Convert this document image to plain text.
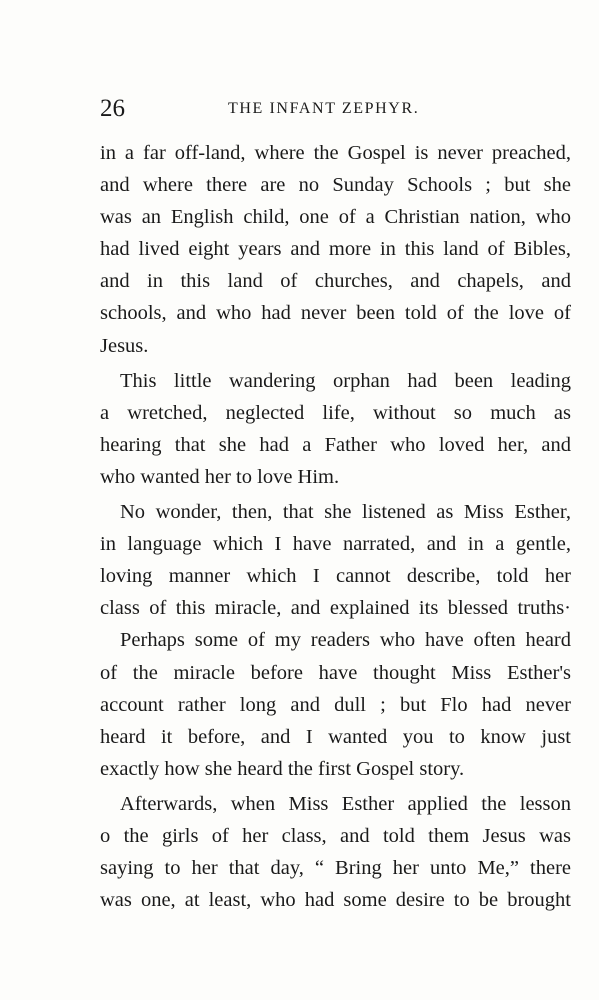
26	THE INFANT ZEPHYR.
in a far off-land, where the Gospel is never preached,
and where there are no Sunday Schools ; but she
was an English child, one of a Christian nation, who
had lived eight years and more in this land of Bibles,
and in this land of churches, and chapels, and
schools, and who had never been told of the love of
Jesus.
This little wandering orphan had been leading
a wretched, neglected life, without so much as
hearing that she had a Father who loved her, and
who wanted her to love Him.
No wonder, then, that she listened as Miss Esther,
in language which I have narrated, and in a gentle,
loving manner which I cannot describe, told her
class of this miracle, and explained its blessed truths·
Perhaps some of my readers who have often heard
of the miracle before have thought Miss Esther's
account rather long and dull ; but Flo had never
heard it before, and I wanted you to know just
exactly how she heard the first Gospel story.
Afterwards, when Miss Esther applied the lesson
o the girls of her class, and told them Jesus was
saying to her that day, “ Bring her unto Me,” there
was one, at least, who had some desire to be brought
